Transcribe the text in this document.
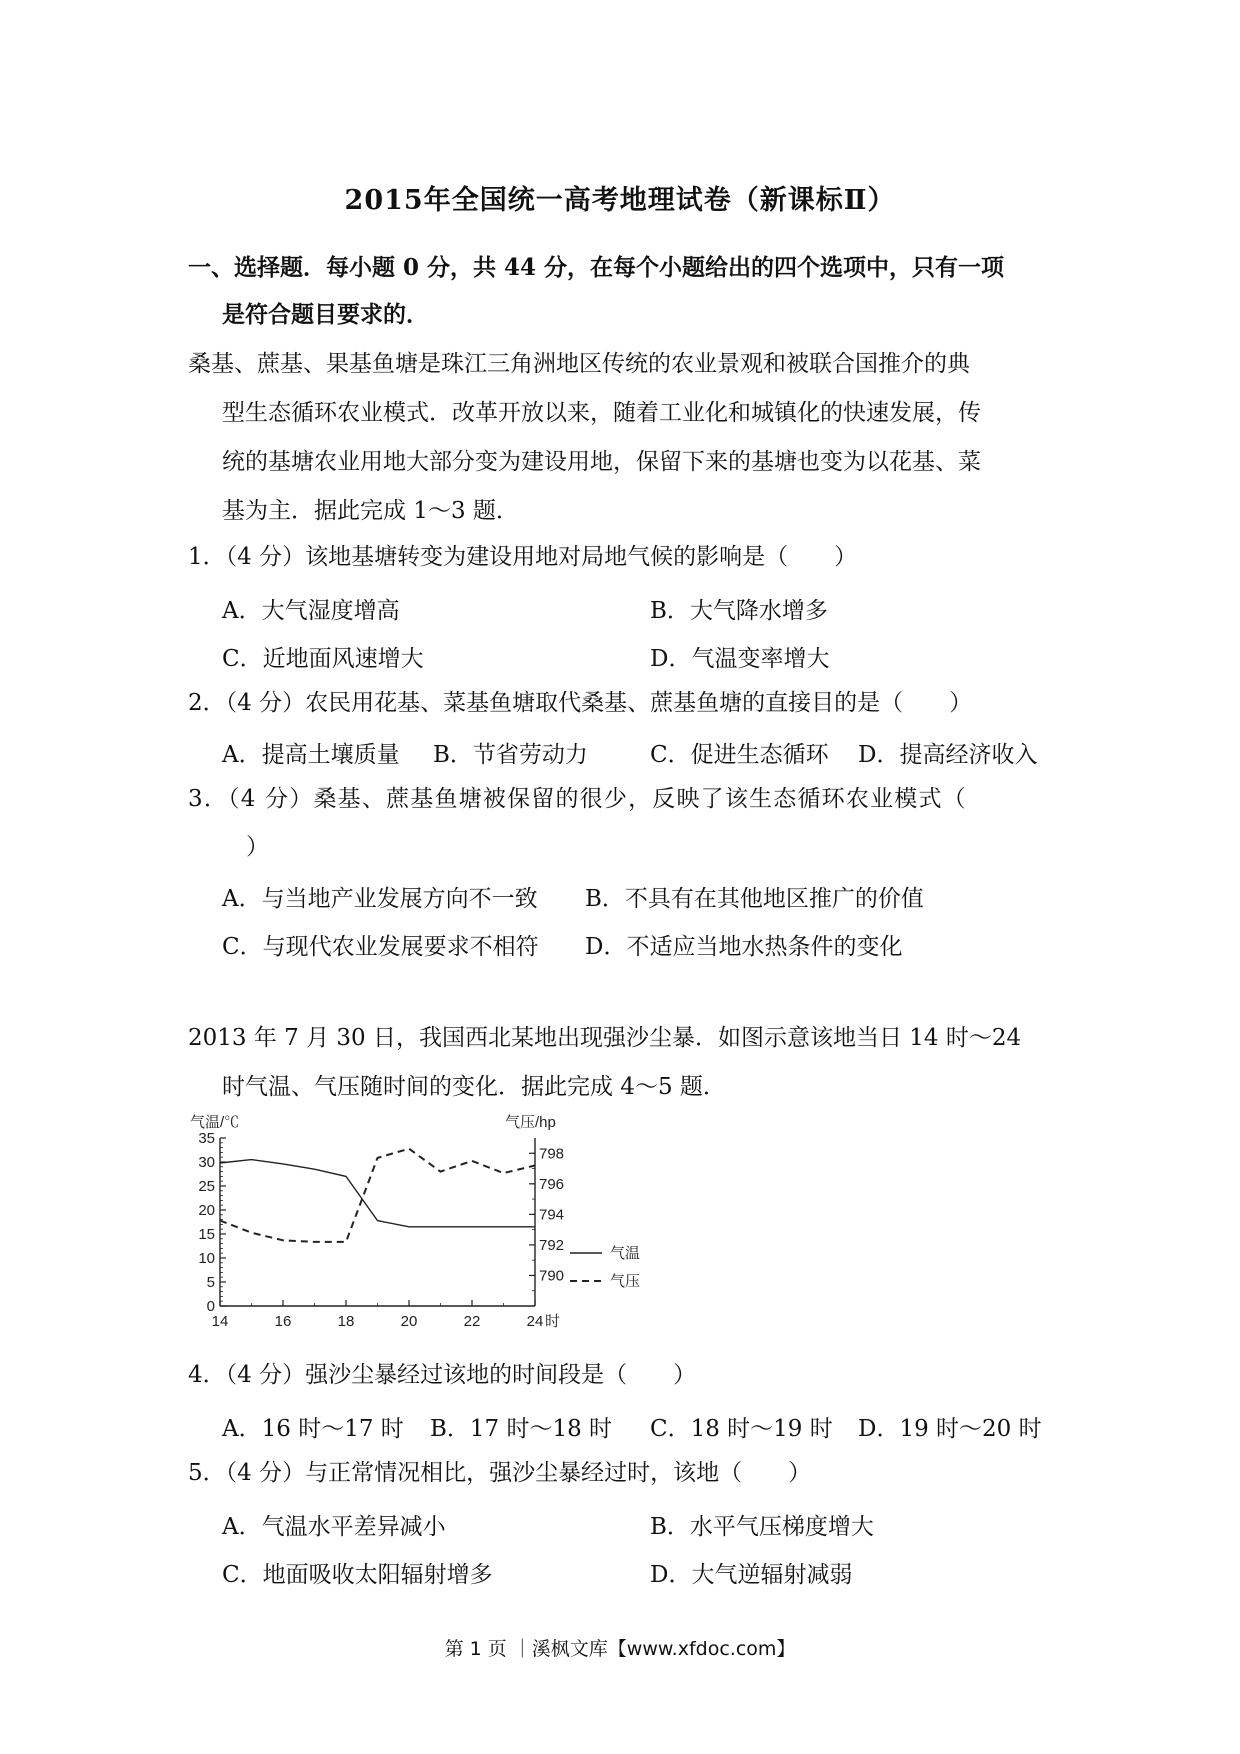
2015年全国统一高考地理试卷（新课标Ⅱ）
一、选择题．每小题 0 分，共 44 分，在每个小题给出的四个选项中，只有一项
是符合题目要求的．
桑基、蔗基、果基鱼塘是珠江三角洲地区传统的农业景观和被联合国推介的典
型生态循环农业模式．改革开放以来，随着工业化和城镇化的快速发展，传
统的基塘农业用地大部分变为建设用地，保留下来的基塘也变为以花基、菜
基为主．据此完成 1～3 题．
1．（4 分）该地基塘转变为建设用地对局地气候的影响是（　　）
A．大气湿度增高	B．大气降水增多
C．近地面风速增大	D．气温变率增大
2．（4 分）农民用花基、菜基鱼塘取代桑基、蔗基鱼塘的直接目的是（　　）
A．提高土壤质量 B．节省劳动力	C．促进生态循环 D．提高经济收入
3．（4 分）桑基、蔗基鱼塘被保留的很少，反映了该生态循环农业模式（
）
A．与当地产业发展方向不一致 B．不具有在其他地区推广的价值
C．与现代农业发展要求不相符 D．不适应当地水热条件的变化
2013 年 7 月 30 日，我国西北某地出现强沙尘暴．如图示意该地当日 14 时～24
时气温、气压随时间的变化．据此完成 4～5 题．
气温/℃	气压/hp
时
0
5
10
15
20
25
30
35
790
792
794
796
798
14	16	18	20	22	24
气温
气压
4．（4 分）强沙尘暴经过该地的时间段是（　　）
A．16 时～17 时 B．17 时～18 时 C．18 时～19 时 D．19 时～20 时
5．（4 分）与正常情况相比，强沙尘暴经过时，该地（　　）
A．气温水平差异减小	B．水平气压梯度增大
C．地面吸收太阳辐射增多	D．大气逆辐射减弱
第 1 页 ｜溪枫文库【www.xfdoc.com】
